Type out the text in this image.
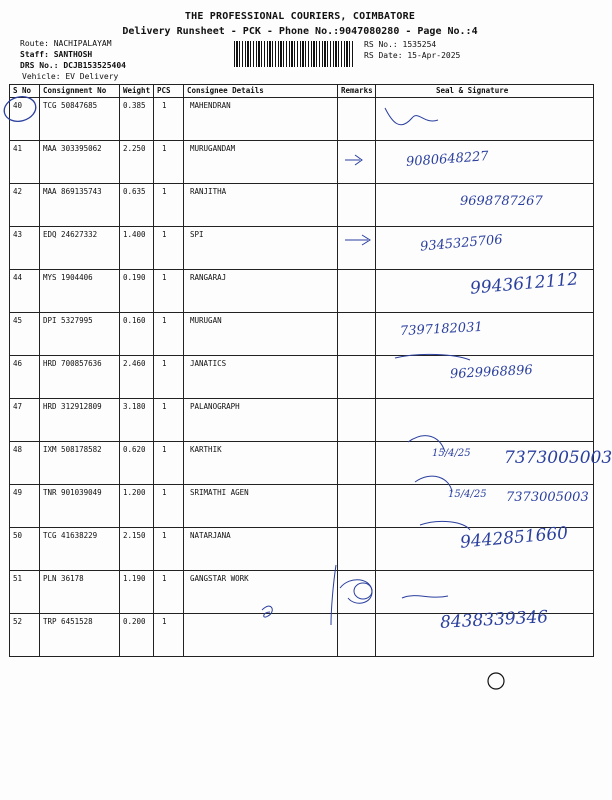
THE PROFESSIONAL COURIERS, COIMBATORE
Delivery Runsheet - PCK - Phone No.:9047080280 - Page No.:4
Route: NACHIPALAYAM
Staff: SANTHOSH
DRS No.: DCJB153525404
Vehicle: EV Delivery
RS No.: 1535254
RS Date: 15-Apr-2025
S No	Consignment No	Weight	PCS	Consignee Details	Remarks	Seal & Signature
40	TCG 50847685	0.385	1	MAHENDRAN		
41	MAA 303395062	2.250	1	MURUGANDAM		
42	MAA 869135743	0.635	1	RANJITHA		
43	EDQ 24627332	1.400	1	SPI		
44	MYS 1904406	0.190	1	RANGARAJ		
45	DPI 5327995	0.160	1	MURUGAN		
46	HRD 700857636	2.460	1	JANATICS		
47	HRD 312912809	3.180	1	PALANOGRAPH		
48	IXM 508178582	0.620	1	KARTHIK		
49	TNR 901039049	1.200	1	SRIMATHI AGEN		
50	TCG 41638229	2.150	1	NATARJANA		
51	PLN 36178	1.190	1	GANGSTAR WORK		
52	TRP 6451528	0.200	1			
9080648227
9698787267
9345325706
9943612112
7397182031
9629968896
15/4/25 7373005003
15/4/25 7373005003
9442851660
8438339346
